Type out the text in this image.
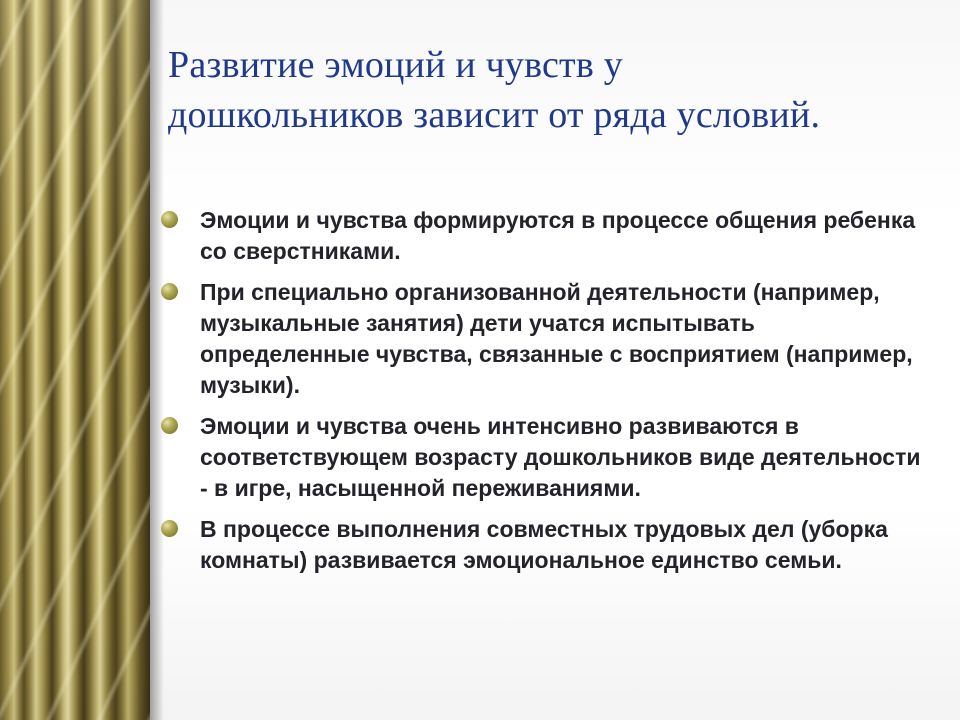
Развитие эмоций и чувств у
дошкольников зависит от ряда условий.
Эмоции и чувства формируются в процессе общения ребенка со сверстниками.
При специально организованной деятельности (например, музыкальные занятия) дети учатся испытывать определенные чувства, связанные с восприятием (например, музыки).
Эмоции и чувства очень интенсивно развиваются в соответствующем возрасту дошкольников виде деятельности - в игре, насыщенной переживаниями.
В процессе выполнения совместных трудовых дел (уборка комнаты) развивается эмоциональное единство семьи.
